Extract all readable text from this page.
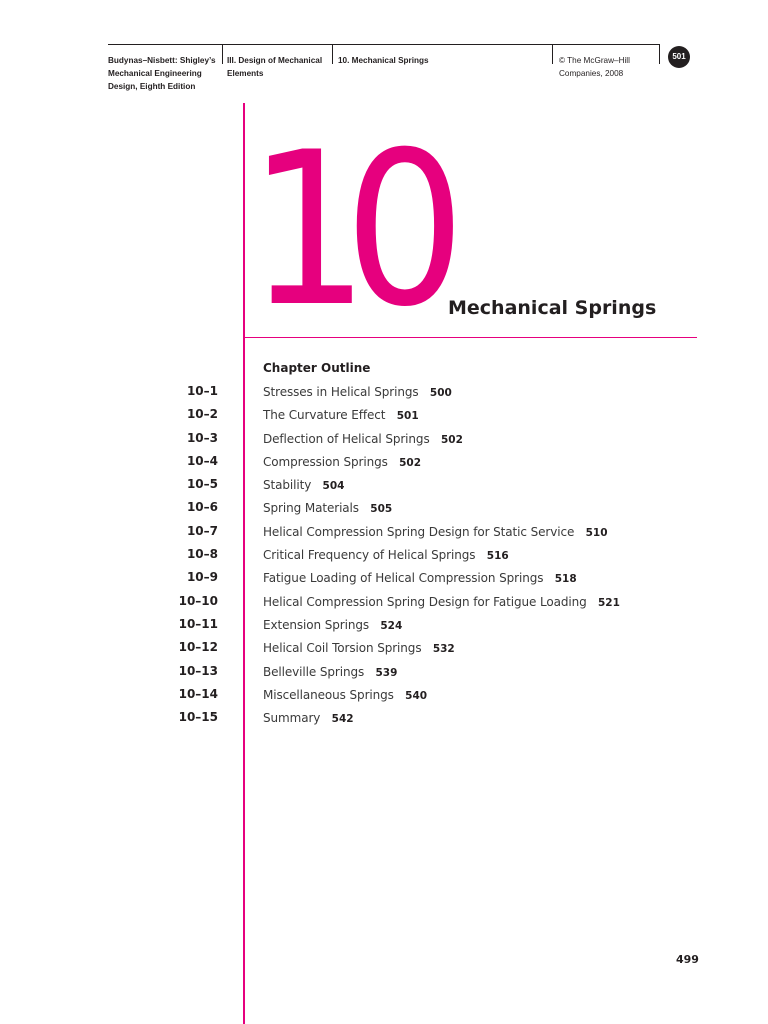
Budynas–Nisbett: Shigley’s
Mechanical Engineering
Design, Eighth Edition
III. Design of Mechanical
Elements
10. Mechanical Springs	© The McGraw–Hill
Companies, 2008
501
10 Mechanical Springs
Chapter Outline
10–1	Stresses in Helical Springs 500
10–2	The Curvature Effect 501
10–3	Deflection of Helical Springs 502
10–4	Compression Springs 502
10–5	Stability 504
10–6	Spring Materials 505
10–7	Helical Compression Spring Design for Static Service 510
10–8	Critical Frequency of Helical Springs 516
10–9	Fatigue Loading of Helical Compression Springs 518
10–10	Helical Compression Spring Design for Fatigue Loading 521
10–11	Extension Springs 524
10–12	Helical Coil Torsion Springs 532
10–13	Belleville Springs 539
10–14	Miscellaneous Springs 540
10–15	Summary 542
499
